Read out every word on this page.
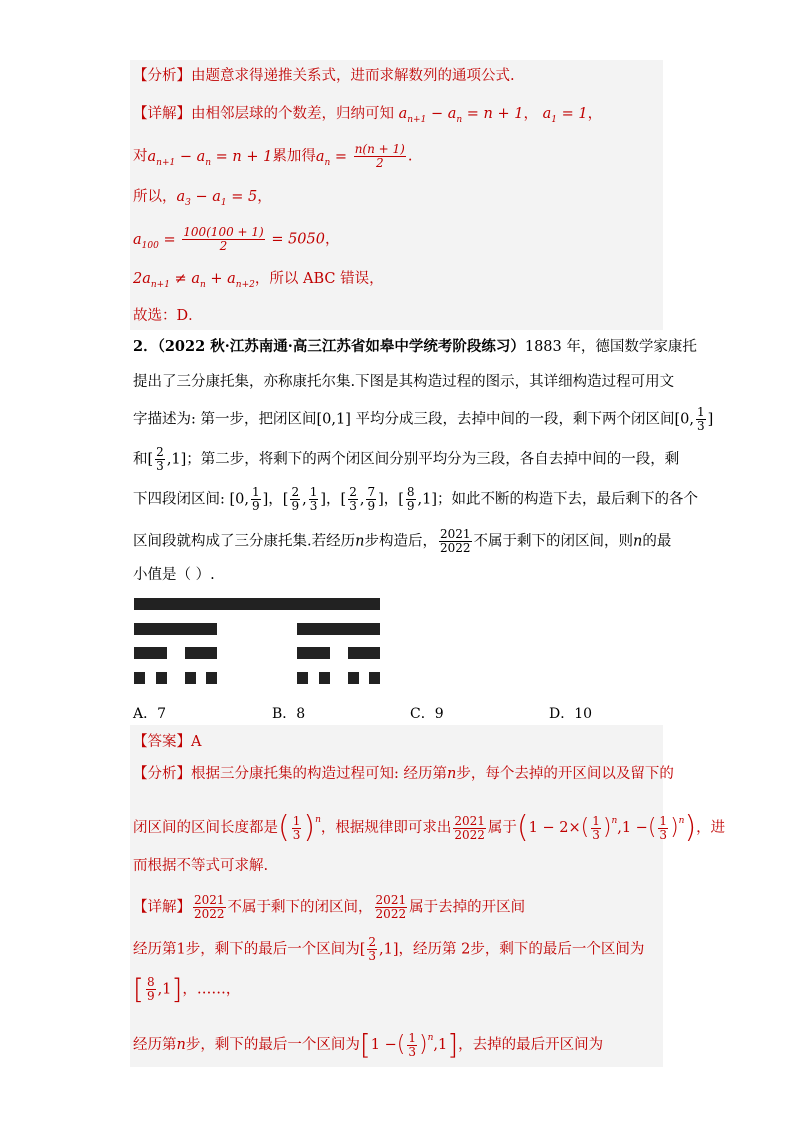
【分析】由题意求得递推关系式，进而求解数列的通项公式.
【详解】由相邻层球的个数差，归纳可知 $a_{n+1} - a_n = n + 1$， $a_1 = 1$，
对$a_{n+1} - a_n = n + 1$累加得$a_n = \frac{n(n + 1)}{2}$ .
所以，$a_3 - a_1 = 5$，
$a_{100} = \frac{100(100 + 1)}{2} = 5050$，
$2a_{n+1} \ne a_n + a_{n+2}$，所以 ABC 错误，
故选：D．
2．（2022 秋·江苏南通·高三江苏省如皋中学统考阶段练习）1883 年，德国数学家康托
提出了三分康托集，亦称康托尔集.下图是其构造过程的图示，其详细构造过程可用文
字描述为: 第一步，把闭区间[0,1] 平均分成三段，去掉中间的一段，剩下两个闭区间[0, $\frac{1}{3}$ ]
和[ $\frac{2}{3} ,1$]；第二步，将剩下的两个闭区间分别平均分为三段，各自去掉中间的一段，剩
下四段闭区间: [0, $\frac{1}{9}$ ]，[ $\frac{2}{9}$ , $\frac{1}{3}$ ]，[ $\frac{2}{3}$ , $\frac{7}{9}$ ]，[ $\frac{8}{9} ,1$]；如此不断的构造下去，最后剩下的各个
区间段就构成了三分康托集.若经历n步构造后， $\frac{2021}{2022}$ 不属于剩下的闭区间，则n的最
小值是（ ）.
A．7	B．8	C．9	D．10
【答案】A
【分析】根据三分康托集的构造过程可知: 经历第n步，每个去掉的开区间以及留下的
闭区间的区间长度都是( $\frac{1}{3} )^n$，根据规律即可求出 $\frac{2021}{2022}$ 属于($1 - 2\times( \frac{1}{3} )^n,1$ −( $\frac{1}{3} )^n$)，进
而根据不等式可求解.
【详解】 $\frac{2021}{2022}$ 不属于剩下的闭区间， $\frac{2021}{2022}$ 属于去掉的开区间
经历第1步，剩下的最后一个区间为[ $\frac{2}{3} ,1$]，经历第 2步，剩下的最后一个区间为
[ $\frac{8}{9} ,1$]，……，
经历第n步，剩下的最后一个区间为[1 −( $\frac{1}{3} )^n,1$]，去掉的最后开区间为
